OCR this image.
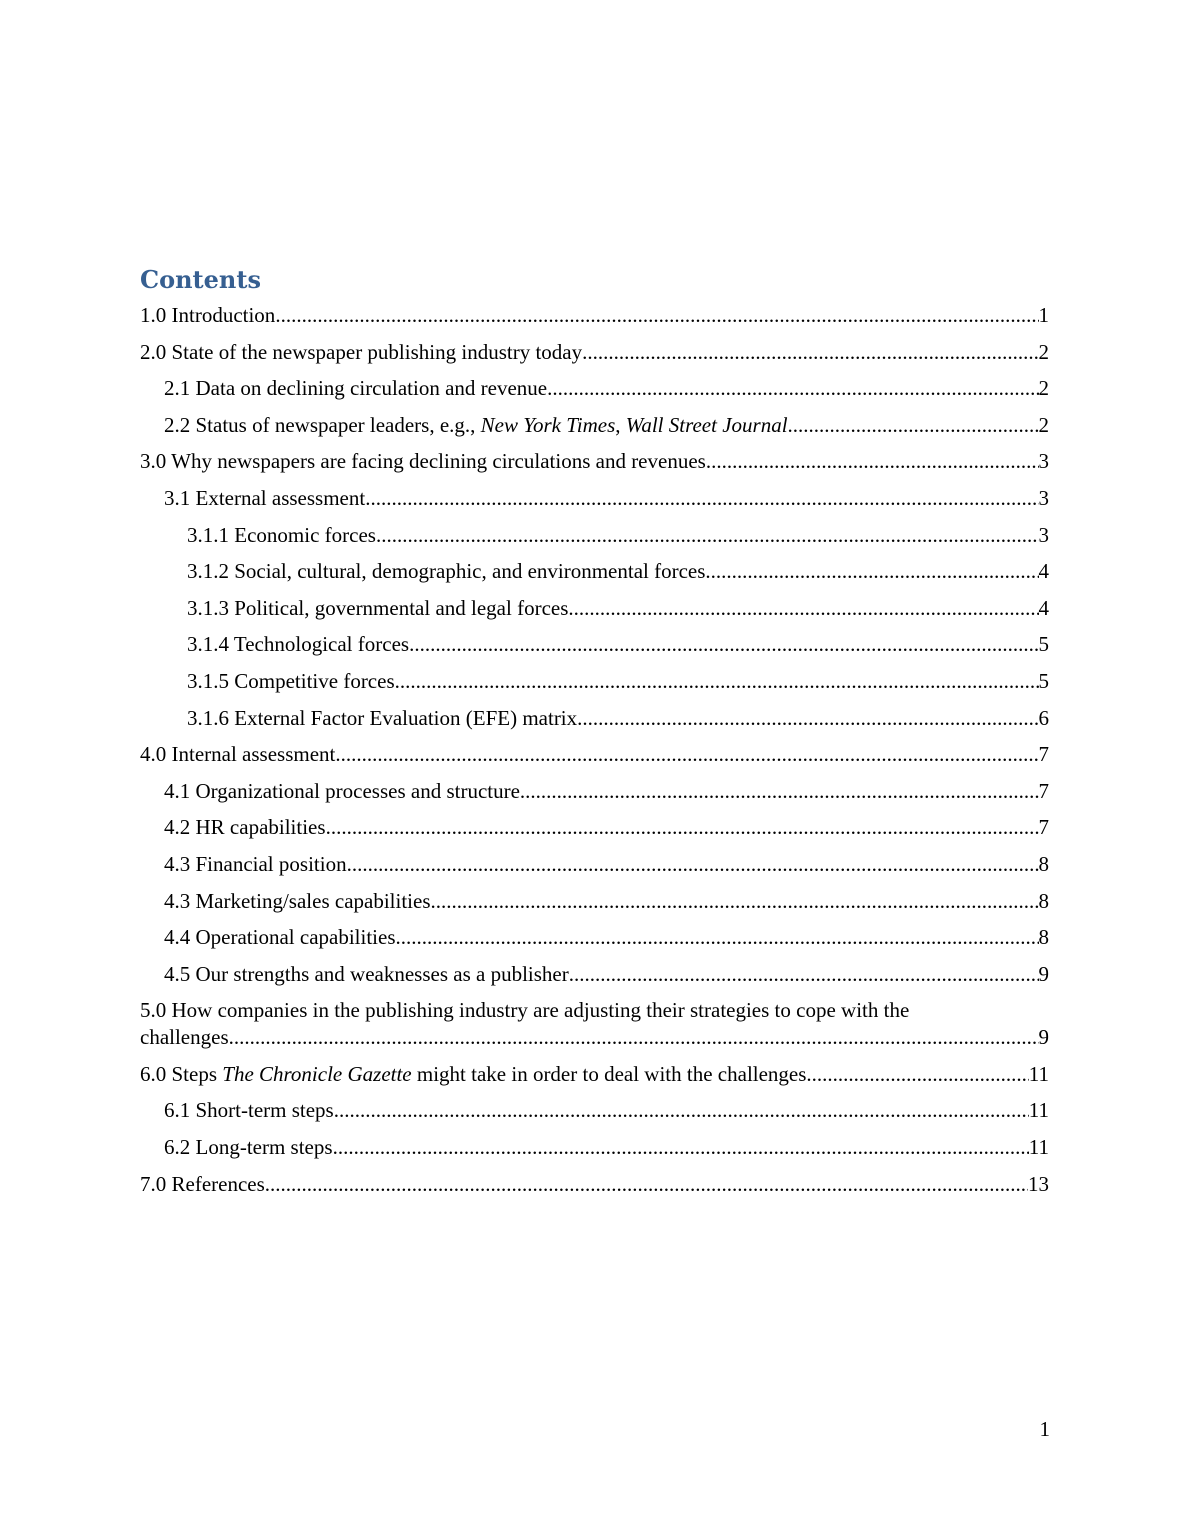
Contents
1.0 Introduction .....	1
2.0 State of the newspaper publishing industry today .....	2
2.1 Data on declining circulation and revenue .....	2
2.2 Status of newspaper leaders, e.g., New York Times, Wall Street Journal .....	2
3.0 Why newspapers are facing declining circulations and revenues .....	3
3.1 External assessment .....	3
3.1.1 Economic forces .....	3
3.1.2 Social, cultural, demographic, and environmental forces .....	4
3.1.3 Political, governmental and legal forces .....	4
3.1.4 Technological forces .....	5
3.1.5 Competitive forces .....	5
3.1.6 External Factor Evaluation (EFE) matrix .....	6
4.0 Internal assessment .....	7
4.1 Organizational processes and structure .....	7
4.2 HR capabilities .....	7
4.3 Financial position .....	8
4.3 Marketing/sales capabilities .....	8
4.4 Operational capabilities .....	8
4.5 Our strengths and weaknesses as a publisher .....	9
5.0 How companies in the publishing industry are adjusting their strategies to cope with the
challenges .....	9
6.0 Steps The Chronicle Gazette might take in order to deal with the challenges .....	11
6.1 Short-term steps .....	11
6.2 Long-term steps .....	11
7.0 References .....	13
1
